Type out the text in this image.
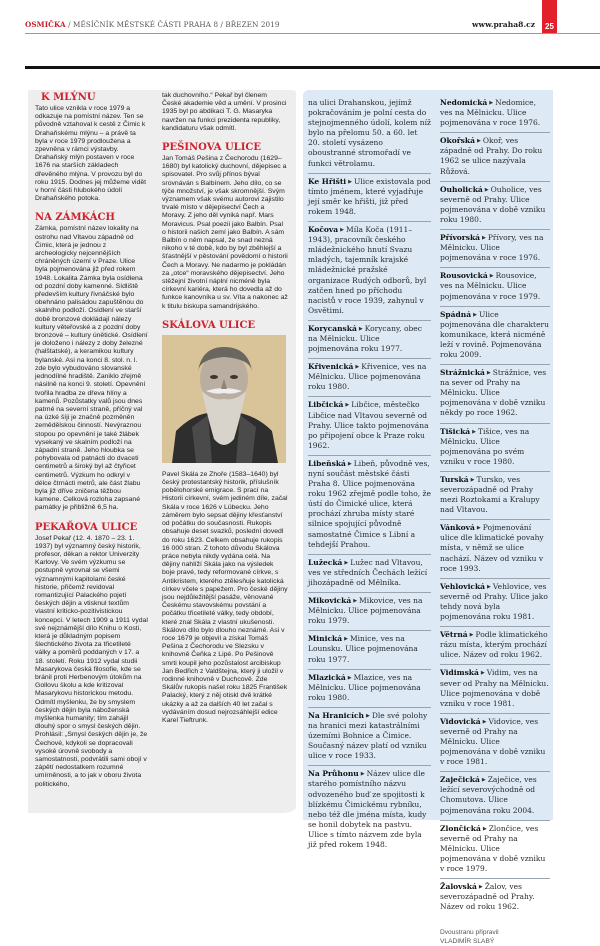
OSMIČKA / MĚSÍČNÍK MĚSTSKÉ ČÁSTI PRAHA 8 / BŘEZEN 2019	www.praha8.cz	25
K MLÝNU

Tato ulice vznikla v roce 1979 a odkazuje na pomístní název. Ten se původně vztahoval k cestě z Čimic k Drahaňskému mlýnu – a právě ta byla v roce 1979 prodloužena a zpevněna v rámci výstavby. Drahaňský mlýn postaven v roce 1676 na starších základech dřevěného mlýna. V provozu byl do roku 1915. Dodnes jej můžeme vidět v horní části hlubokého údolí Drahaňského potoka.

NA ZÁMKÁCH

Zámka, pomístní název lokality na ostrohu nad Vltavou západně od Čimic, která je jednou z archeologicky nejcennějších chráněných území v Praze. Ulice byla pojmenována již před rokem 1948. Lokalita Zámka byla osídlena od pozdní doby kamenné. Sídliště především kultury řivnáčské bylo obehnáno palisádou zapuštěnou do skalního podloží. Osídlení ve starší době bronzové dokládají nálezy kultury věteřovské a z pozdní doby bronzové – kultury únětické. Osídlení je doloženo i nálezy z doby železné (halštatské), a keramikou kultury bylanské. Asi na konci 8. stol. n. l. zde bylo vybudováno slovanské jednodílné hradiště. Zaniklo zřejmě násilně na konci 9. století. Opevnění tvořila hradba ze dřeva hlíny a kamenů. Pozůstatky valů jsou dnes patrné na severní straně, příčný val na úzké šíji je značně pozměněn zemědělskou činností. Nevýraznou stopou po opevnění je také žlábek vysekaný ve skalním podloží na západní straně. Jeho hloubka se pohybovala od patnácti do dvaceti centimetrů a široký byl až čtyřicet centimetrů. Výzkum ho odkryl v délce čtrnácti metrů, ale část žlabu byla již dříve zničena těžbou kamene. Celková rozloha zapsané památky je přibližně 6,5 ha.

PEKAŘOVA ULICE

Josef Pekař (12. 4. 1870 – 23. 1. 1937) byl významný český historik, profesor, děkan a rektor Univerzity Karlovy. Ve svém výzkumu se postupně vyrovnal se všemi významnými kapitolami české historie, přičemž revidoval romantizující Palackého pojetí českých dějin a vtisknul textům vlastní kriticko-pozitivistickou koncepci. V letech 1909 a 1911 vydal své nejznámější dílo Knihu o Kosti, která je důkladným popisem šlechtického života za třicetileté války a poměrů poddaných v 17. a 18. století. Roku 1912 vydal studii Masarykova česká filosofie, kde se bránil proti Herbenovým útokům na Gollovu školu a kde kritizoval Masarykovu historickou metodu. Odmítl myšlenku, že by smyslem českých dějin byla náboženská myšlenka humanity; tím zahájil dlouhý spor o smysl českých dějin. Prohlásil: „Smysl českých dějin je, že Čechové, kdykoli se dopracovali vysoké úrovně svobody a samostatnosti, podvrátili sami obojí v zápětí nedostatkem rozumné umírněnosti, a to jak v oboru života politického,

tak duchovního.“ Pekař byl členem České akademie věd a umění. V prosinci 1935 byl po abdikaci T. G. Masaryka navržen na funkci prezidenta republiky, kandidaturu však odmítl.

PEŠINOVA ULICE

Jan Tomáš Pešina z Čechorodu (1629–1680) byl katolický duchovní, dějepisec a spisovatel. Pro svůj přínos býval srovnáván s Balbínem. Jeho dílo, co se týče množství, je však skromnější. Svým významem však svému autorovi zajistilo trvalé místo v dějepisectví Čech a Moravy. Z jeho děl vyniká např. Mars Moravicus. Psal poezii jako Balbín. Psal o historii našich zemí jako Balbín. A sám Balbín o něm napsal, že snad nezná nikoho v té době, kdo by byl zběhlejší a šťastnější v pěstování povědomí o historii Čech a Moravy. Ne nadarmo je pokládán za „otce“ moravského dějepisectví. Jeho stěžejní životní náplní nicméně byla církevní kariéra, která ho dovedla až do funkce kanovníka u sv. Víta a nakonec až k titulu biskupa samandrijského.

SKÁLOVA ULICE

Pavel Skála ze Zhoře (1583–1640) byl český protestantský historik, příslušník pobělohorské emigrace. S prací na Historii církevní, svém jediném díle, začal Skála v roce 1626 v Lübecku. Jeho záměrem bylo sepsat dějiny křesťanství od počátku do současnosti. Rukopis obsahuje deset svazků, poslední dovedl do roku 1623. Celkem obsahuje rukopis 16 000 stran. Z tohoto důvodu Skálova práce nebyla nikdy vydána celá. Na dějiny nahlíží Skála jako na výsledek boje pravé, tedy reformované církve, s Antikristem, kterého ztělesňuje katolická církev včele s papežem. Pro české dějiny jsou nejdůležitější pasáže, věnované Českému stavovskému povstání a počátku třicetileté války, tedy období, které znal Skála z vlastní ukušenosti. Skálovo dílo bylo dlouho neznámé. Asi v roce 1679 je objevil a získal Tomáš Pešina z Čechorodu ve Slezsku v knihovně Čeňka z Lipé. Po Pešinově smrti koupil jeho pozůstalost arcibiskup Jan Bedřich z Valdštejna, který ji uložil v rodinné knihovně v Duchcově. Zde Skálův rukopis našel roku 1825 František Palacký, který z něj otiskl dvě krátké ukázky a až za dalších 40 let začal s vydáváním dosud nejrozsáhlejší edice Karel Tieftrunk.

na ulici Drahanskou, jejímž pokračováním je polní cesta do stejnojmenného údolí, kolem níž bylo na přelomu 50. a 60. let 20. století vysázeno oboustranné stromořadí ve funkci větrolamu.
Ke Hřišti ▶ Ulice existovala pod tímto jménem, které vyjadřuje její směr ke hřišti, již před rokem 1948.
Kočova ▶ Míla Koča (1911–1943), pracovník českého mládežnického hnutí Svazu mladých, tajemník krajské mládežnické pražské organizace Rudých odborů, byl zatčen hned po příchodu nacistů v roce 1939, zahynul v Osvětimi.
Korycanská ▶ Korycany, obec na Mělnicku. Ulice pojmenována roku 1977.
Křivenická ▶ Křivenice, ves na Mělnicku. Ulice pojmenována roku 1980.
Libčická ▶ Libčice, městečko Libčice nad Vltavou severně od Prahy. Ulice takto pojmenována po připojení obce k Praze roku 1962.
Libeňská ▶ Libeň, původně ves, nyní součást městské části Praha 8. Ulice pojmenována roku 1962 zřejmě podle toho, že ústí do Čimické ulice, která prochází zhruba místy staré silnice spojující původně samostatné Čimice s Libní a tehdejší Prahou.
Lužecká ▶ Lužec nad Vltavou, ves ve středních Čechách ležící jihozápadně od Mělníka.
Mikovická ▶ Mikovice, ves na Mělnicku. Ulice pojmenována roku 1979.
Minická ▶ Minice, ves na Lounsku. Ulice pojmenována roku 1977.
Mlazická ▶ Mlazice, ves na Mělnicku. Ulice pojmenována roku 1980.
Na Hranicích ▶ Dle své polohy na hranici mezi katastrálními územími Bohnice a Čimice. Současný název platí od vzniku ulice v roce 1933.
Na Průhonu ▶ Název ulice dle starého pomístního názvu odvozeného buď ze spojitosti k blízkému Čimickému rybníku, nebo též dle jména místa, kudy se honil dobytek na pastvu. Ulice s tímto názvem zde byla již před rokem 1948.
Nedomická ▶ Nedomice, ves na Mělnicku. Ulice pojmenována v roce 1976.
Okořská ▶ Okoř, ves západně od Prahy. Do roku 1962 se ulice nazývala Růžová.
Ouholická ▶ Ouholice, ves severně od Prahy. Ulice pojmenována v době vzniku roku 1980.
Přívorská ▶ Přívory, ves na Mělnicku. Ulice pojmenována v roce 1976.
Rousovická ▶ Rousovice, ves na Mělnicku. Ulice pojmenována v roce 1979.
Spádná ▶ Ulice pojmenována dle charakteru komunikace, která nicméně leží v rovině. Pojmenována roku 2009.
Strážnická ▶ Strážnice, ves na sever od Prahy na Mělnicku. Ulice pojmenována v době vzniku někdy po roce 1962.
Tišická ▶ Tišice, ves na Mělnicku. Ulice pojmenována po svém vzniku v roce 1980.
Turská ▶ Tursko, ves severozápadně od Prahy mezi Roztokami a Kralupy nad Vltavou.
Vánková ▶ Pojmenování ulice dle klimatické povahy místa, v němž se ulice nachází. Název od vzniku v roce 1993.
Vehlovická ▶ Vehlovice, ves severně od Prahy. Ulice jako tehdy nová byla pojmenována roku 1981.
Větrná ▶ Podle klimatického rázu místa, kterým prochází ulice. Název od roku 1962.
Vidimská ▶ Vidim, ves na sever od Prahy na Mělnicku. Ulice pojmenována v době vzniku v roce 1981.
Vidovická ▶ Vidovice, ves severně od Prahy na Mělnicku. Ulice pojmenována v době vzniku v roce 1981.
Zaječická ▶ Zaječice, ves ležící severovýchodně od Chomutova. Ulice pojmenována roku 2004.
Zlončická ▶ Zlončice, ves severně od Prahy na Mělnicku. Ulice pojmenována v době vzniku v roce 1979.
Žalovská ▶ Žalov, ves severozápadně od Prahy. Název od roku 1962.
Dvoustranu připravil
VLADIMÍR SLABÝ
